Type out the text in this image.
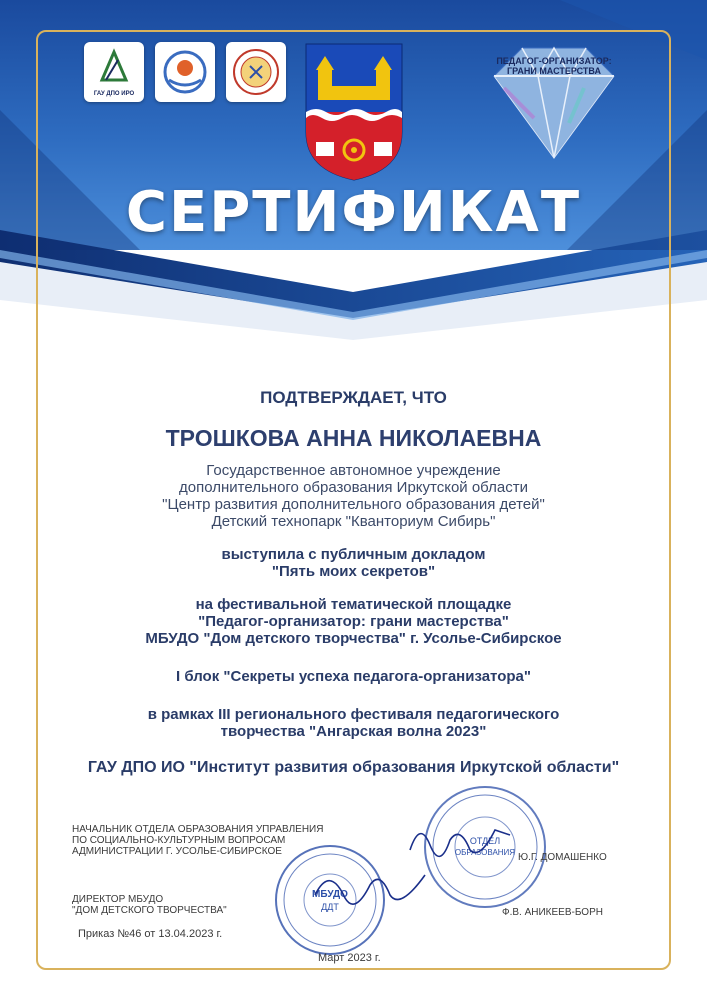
ГАУ ДПО ИРО
ПЕДАГОГ-ОРГАНИЗАТОР:
ГРАНИ МАСТЕРСТВА
СЕРТИФИКАТ
ОТДЕЛА ОБРАЗОВАНИЯ УСКВ АДМИНИСТРАЦИИ
Г.УСОЛЬЕ-СИБИРСКОЕ
ПОДТВЕРЖДАЕТ, ЧТО
ТРОШКОВА АННА НИКОЛАЕВНА
Государственное автономное учреждение
дополнительного образования Иркутской области
"Центр развития дополнительного образования детей"
Детский технопарк "Кванториум Сибирь"
выступила с публичным докладом
"Пять моих секретов"
на фестивальной тематической площадке
"Педагог-организатор: грани мастерства"
МБУДО "Дом детского творчества" г. Усолье-Сибирское
I блок "Секреты успеха педагога-организатора"
в рамках III регионального фестиваля педагогического
творчества "Ангарская волна 2023"
ГАУ ДПО ИО "Институт развития образования Иркутской области"
ОТДЕЛ
ОБРАЗОВАНИЯ
МБУДО
ДДТ
НАЧАЛЬНИК ОТДЕЛА ОБРАЗОВАНИЯ УПРАВЛЕНИЯ
ПО СОЦИАЛЬНО-КУЛЬТУРНЫМ ВОПРОСАМ
АДМИНИСТРАЦИИ Г. УСОЛЬЕ-СИБИРСКОЕ
Ю.Г. ДОМАШЕНКО
ДИРЕКТОР МБУДО
"ДОМ ДЕТСКОГО ТВОРЧЕСТВА"	Ф.В. АНИКЕЕВ-БОРН
Приказ №46 от 13.04.2023 г.
Март 2023 г.
